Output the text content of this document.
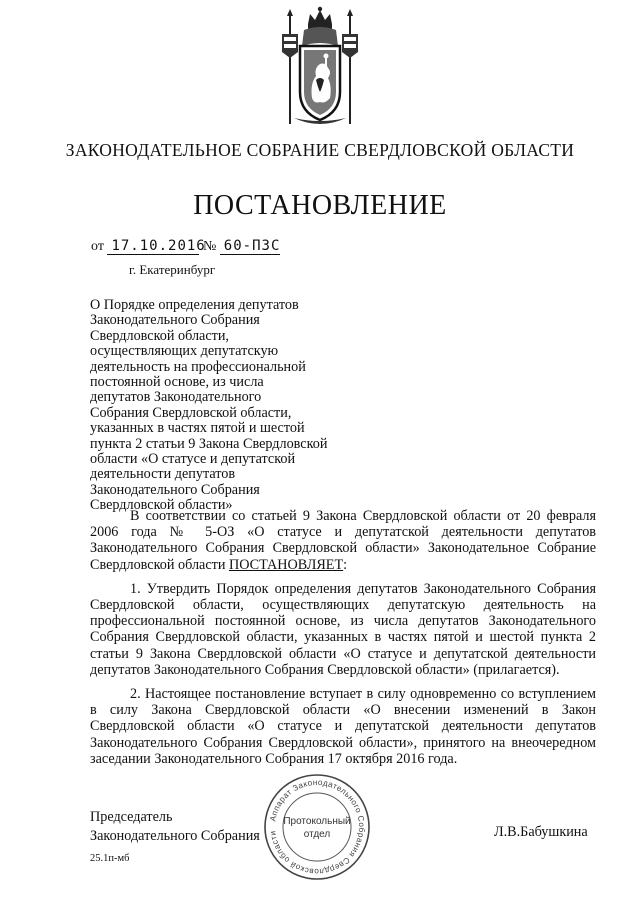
ЗАКОНОДАТЕЛЬНОЕ СОБРАНИЕ СВЕРДЛОВСКОЙ ОБЛАСТИ
ПОСТАНОВЛЕНИЕ
от 17.10.2016 № 60-ПЗС
г. Екатеринбург
О Порядке определения депутатов
Законодательного Собрания
Свердловской области,
осуществляющих депутатскую
деятельность на профессиональной
постоянной основе, из числа
депутатов Законодательного
Собрания Свердловской области,
указанных в частях пятой и шестой
пункта 2 статьи 9 Закона Свердловской
области «О статусе и депутатской
деятельности депутатов
Законодательного Собрания
Свердловской области»

В соответствии со статьей 9 Закона Свердловской области от 20 февраля 2006 года № 5-ОЗ «О статусе и депутатской деятельности депутатов Законодательного Собрания Свердловской области» Законодательное Собрание Свердловской области ПОСТАНОВЛЯЕТ:

1. Утвердить Порядок определения депутатов Законодательного Собрания Свердловской области, осуществляющих депутатскую деятельность на профессиональной постоянной основе, из числа депутатов Законодательного Собрания Свердловской области, указанных в частях пятой и шестой пункта 2 статьи 9 Закона Свердловской области «О статусе и депутатской деятельности депутатов Законодательного Собрания Свердловской области» (прилагается).

2. Настоящее постановление вступает в силу одновременно со вступлением в силу Закона Свердловской области «О внесении изменений в Закон Свердловской области «О статусе и депутатской деятельности депутатов Законодательного Собрания Свердловской области», принятого на внеочередном заседании Законодательного Собрания 17 октября 2016 года.

Председатель
Законодательного Собрания	Л.В.Бабушкина
Аппарат Законодательного Собрания Свердловской области
Протокольный
отдел
25.1п-мб
